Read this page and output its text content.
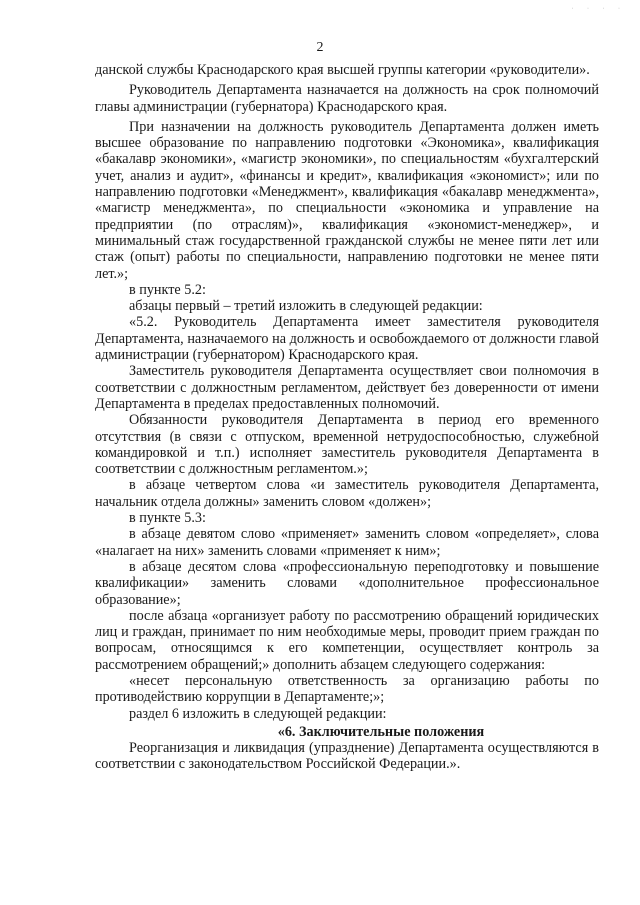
· · · ·
2

данской службы Краснодарского края высшей группы категории «руководители».

Руководитель Департамента назначается на должность на срок полномочий главы администрации (губернатора) Краснодарского края.

При назначении на должность руководитель Департамента должен иметь высшее образование по направлению подготовки «Экономика», квалификация «бакалавр экономики», «магистр экономики», по специальностям «бухгалтерский учет, анализ и аудит», «финансы и кредит», квалификация «экономист»; или по направлению подготовки «Менеджмент», квалификация «бакалавр менеджмента», «магистр менеджмента», по специальности «экономика и управление на предприятии (по отраслям)», квалификация «экономист-менеджер», и минимальный стаж государственной гражданской службы не менее пяти лет или стаж (опыт) работы по специальности, направлению подготовки не менее пяти лет.»;

в пункте 5.2:

абзацы первый – третий изложить в следующей редакции:

«5.2. Руководитель Департамента имеет заместителя руководителя Департамента, назначаемого на должность и освобождаемого от должности главой администрации (губернатором) Краснодарского края.

Заместитель руководителя Департамента осуществляет свои полномочия в соответствии с должностным регламентом, действует без доверенности от имени Департамента в пределах предоставленных полномочий.

Обязанности руководителя Департамента в период его временного отсутствия (в связи с отпуском, временной нетрудоспособностью, служебной командировкой и т.п.) исполняет заместитель руководителя Департамента в соответствии с должностным регламентом.»;

в абзаце четвертом слова «и заместитель руководителя Департамента, начальник отдела должны» заменить словом «должен»;

в пункте 5.3:

в абзаце девятом слово «применяет» заменить словом «определяет», слова «налагает на них» заменить словами «применяет к ним»;

в абзаце десятом слова «профессиональную переподготовку и повышение квалификации» заменить словами «дополнительное профессиональное образование»;

после абзаца «организует работу по рассмотрению обращений юридических лиц и граждан, принимает по ним необходимые меры, проводит прием граждан по вопросам, относящимся к его компетенции, осуществляет контроль за рассмотрением обращений;» дополнить абзацем следующего содержания:

«несет персональную ответственность за организацию работы по противодействию коррупции в Департаменте;»;

раздел 6 изложить в следующей редакции:

«6. Заключительные положения

Реорганизация и ликвидация (упразднение) Департамента осуществляются в соответствии с законодательством Российской Федерации.».
